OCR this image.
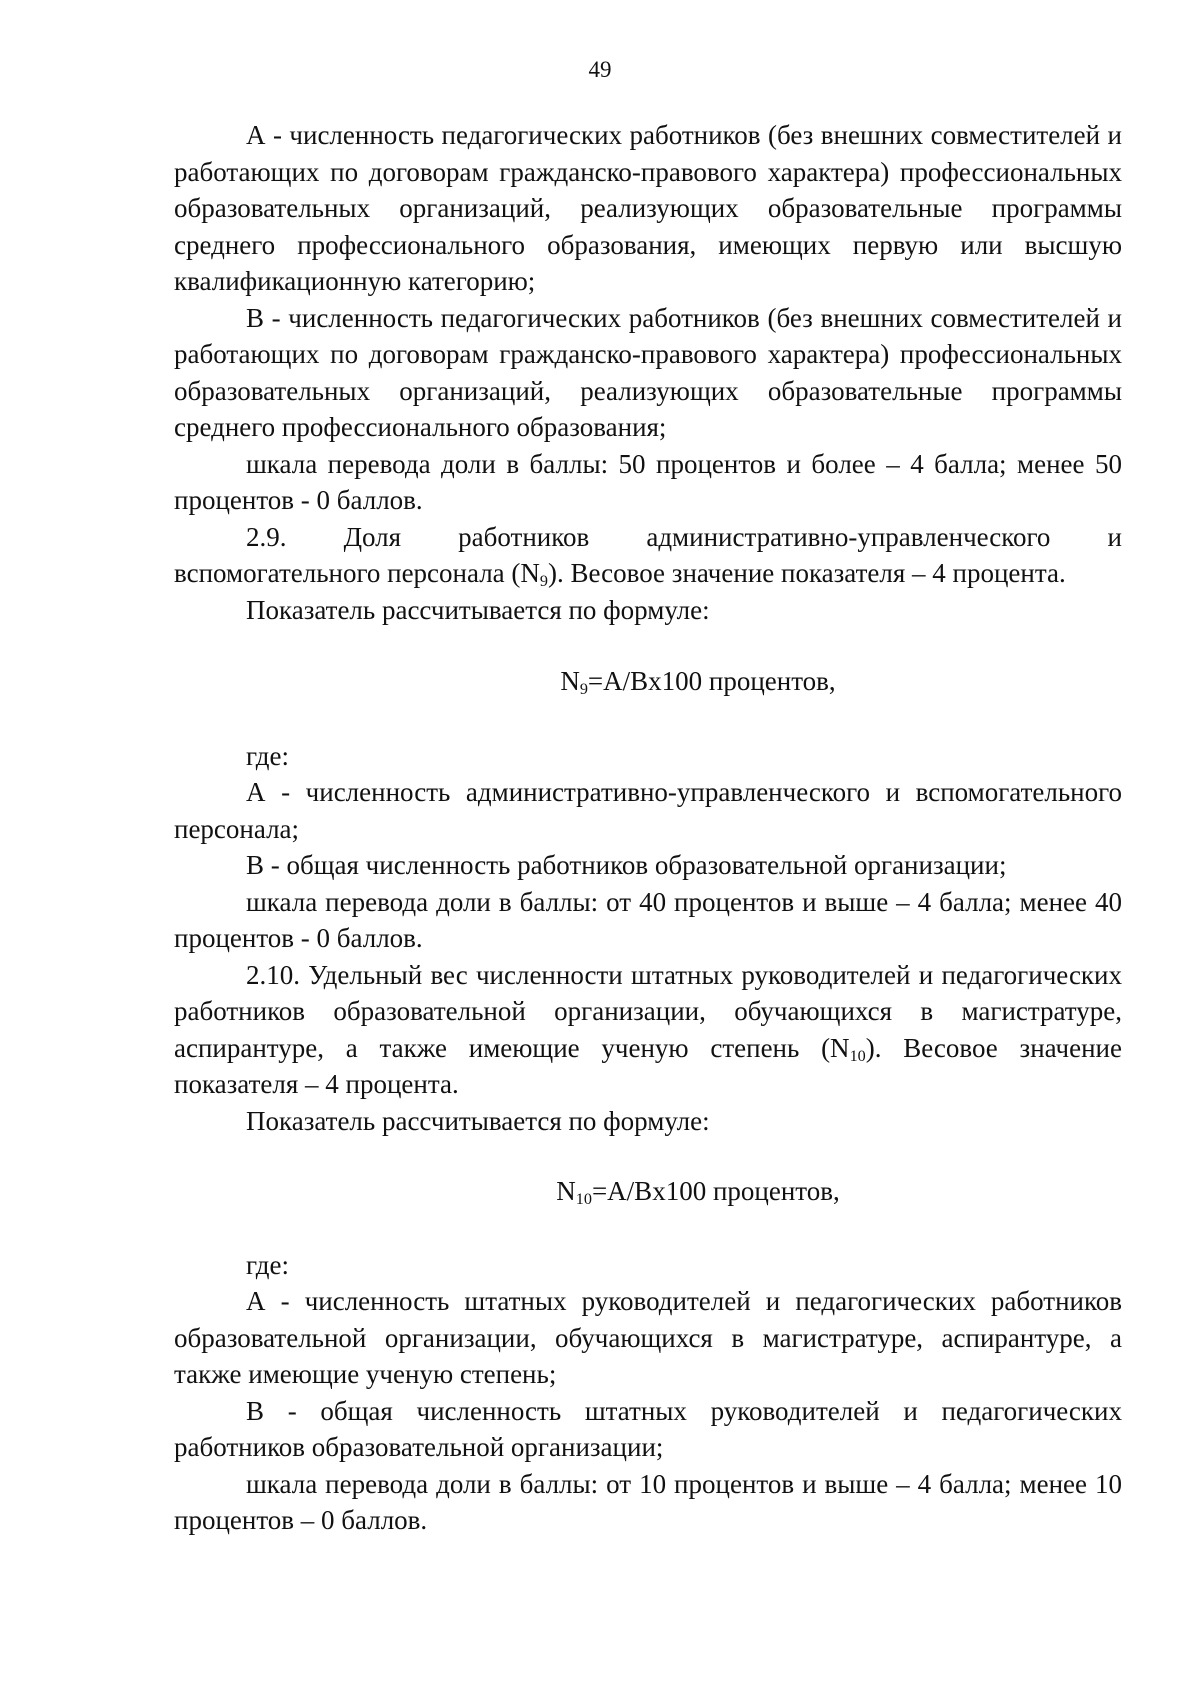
49

А - численность педагогических работников (без внешних совместителей и работающих по договорам гражданско-правового характера) профессиональных образовательных организаций, реализующих образовательные программы среднего профессионального образования, имеющих первую или высшую квалификационную категорию;

В - численность педагогических работников (без внешних совместителей и работающих по договорам гражданско-правового характера) профессиональных образовательных организаций, реализующих образовательные программы среднего профессионального образования;

шкала перевода доли в баллы: 50 процентов и более – 4 балла; менее 50 процентов - 0 баллов.

2.9. Доля работников административно-управленческого и вспомогательного персонала $(N_9)$. Весовое значение показателя – 4 процента.

Показатель рассчитывается по формуле:

$N_9=A/Bх100$ процентов,

где:

А - численность административно-управленческого и вспомогательного персонала;

В - общая численность работников образовательной организации;

шкала перевода доли в баллы: от 40 процентов и выше – 4 балла; менее 40 процентов - 0 баллов.

2.10. Удельный вес численности штатных руководителей и педагогических работников образовательной организации, обучающихся в магистратуре, аспирантуре, а также имеющие ученую степень $(N_{10})$. Весовое значение показателя – 4 процента.

Показатель рассчитывается по формуле:

$N_{10}=A/Bх100$ процентов,

где:

А - численность штатных руководителей и педагогических работников образовательной организации, обучающихся в магистратуре, аспирантуре, а также имеющие ученую степень;

В - общая численность штатных руководителей и педагогических работников образовательной организации;

шкала перевода доли в баллы: от 10 процентов и выше – 4 балла; менее 10 процентов – 0 баллов.
